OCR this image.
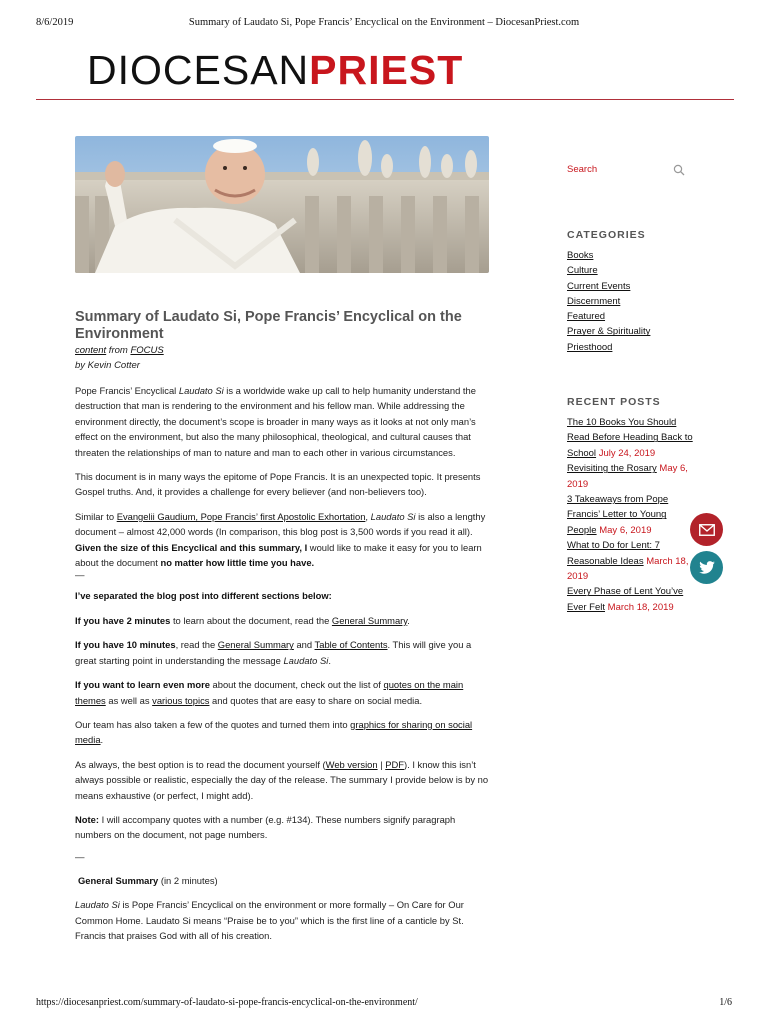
8/6/2019	Summary of Laudato Si, Pope Francis’ Encyclical on the Environment – DiocesanPriest.com
DIOCESANPRIEST
Summary of Laudato Si, Pope Francis’ Encyclical on the Environment
content from FOCUS
by Kevin Cotter

Pope Francis’ Encyclical Laudato Si is a worldwide wake up call to help humanity understand the destruction that man is rendering to the environment and his fellow man. While addressing the environment directly, the document’s scope is broader in many ways as it looks at not only man’s effect on the environment, but also the many philosophical, theological, and cultural causes that threaten the relationships of man to nature and man to each other in various circumstances.

This document is in many ways the epitome of Pope Francis. It is an unexpected topic. It presents Gospel truths. And, it provides a challenge for every believer (and non-believers too).

Similar to Evangelii Gaudium, Pope Francis’ first Apostolic Exhortation, Laudato Si is also a lengthy document – almost 42,000 words (In comparison, this blog post is 3,500 words if you read it all). Given the size of this Encyclical and this summary, I would like to make it easy for you to learn about the document no matter how little time you have.

—

I’ve separated the blog post into different sections below:

If you have 2 minutes to learn about the document, read the General Summary.

If you have 10 minutes, read the General Summary and Table of Contents. This will give you a great starting point in understanding the message Laudato Si.

If you want to learn even more about the document, check out the list of quotes on the main themes as well as various topics and quotes that are easy to share on social media.

Our team has also taken a few of the quotes and turned them into graphics for sharing on social media.

As always, the best option is to read the document yourself (Web version | PDF). I know this isn’t always possible or realistic, especially the day of the release. The summary I provide below is by no means exhaustive (or perfect, I might add).

Note: I will accompany quotes with a number (e.g. #134). These numbers signify paragraph numbers on the document, not page numbers.

—

General Summary (in 2 minutes)

Laudato Si is Pope Francis’ Encyclical on the environment or more formally – On Care for Our Common Home. Laudato Si means “Praise be to you” which is the first line of a canticle by St. Francis that praises God with all of his creation.

Search
CATEGORIES
Books
Culture
Current Events
Discernment
Featured
Prayer & Spirituality
Priesthood
RECENT POSTS
The 10 Books You Should Read Before Heading Back to School July 24, 2019
Revisiting the Rosary May 6, 2019
3 Takeaways from Pope Francis’ Letter to Young People May 6, 2019
What to Do for Lent: 7 Reasonable Ideas March 18, 2019
Every Phase of Lent You’ve Ever Felt March 18, 2019
https://diocesanpriest.com/summary-of-laudato-si-pope-francis-encyclical-on-the-environment/	1/6
